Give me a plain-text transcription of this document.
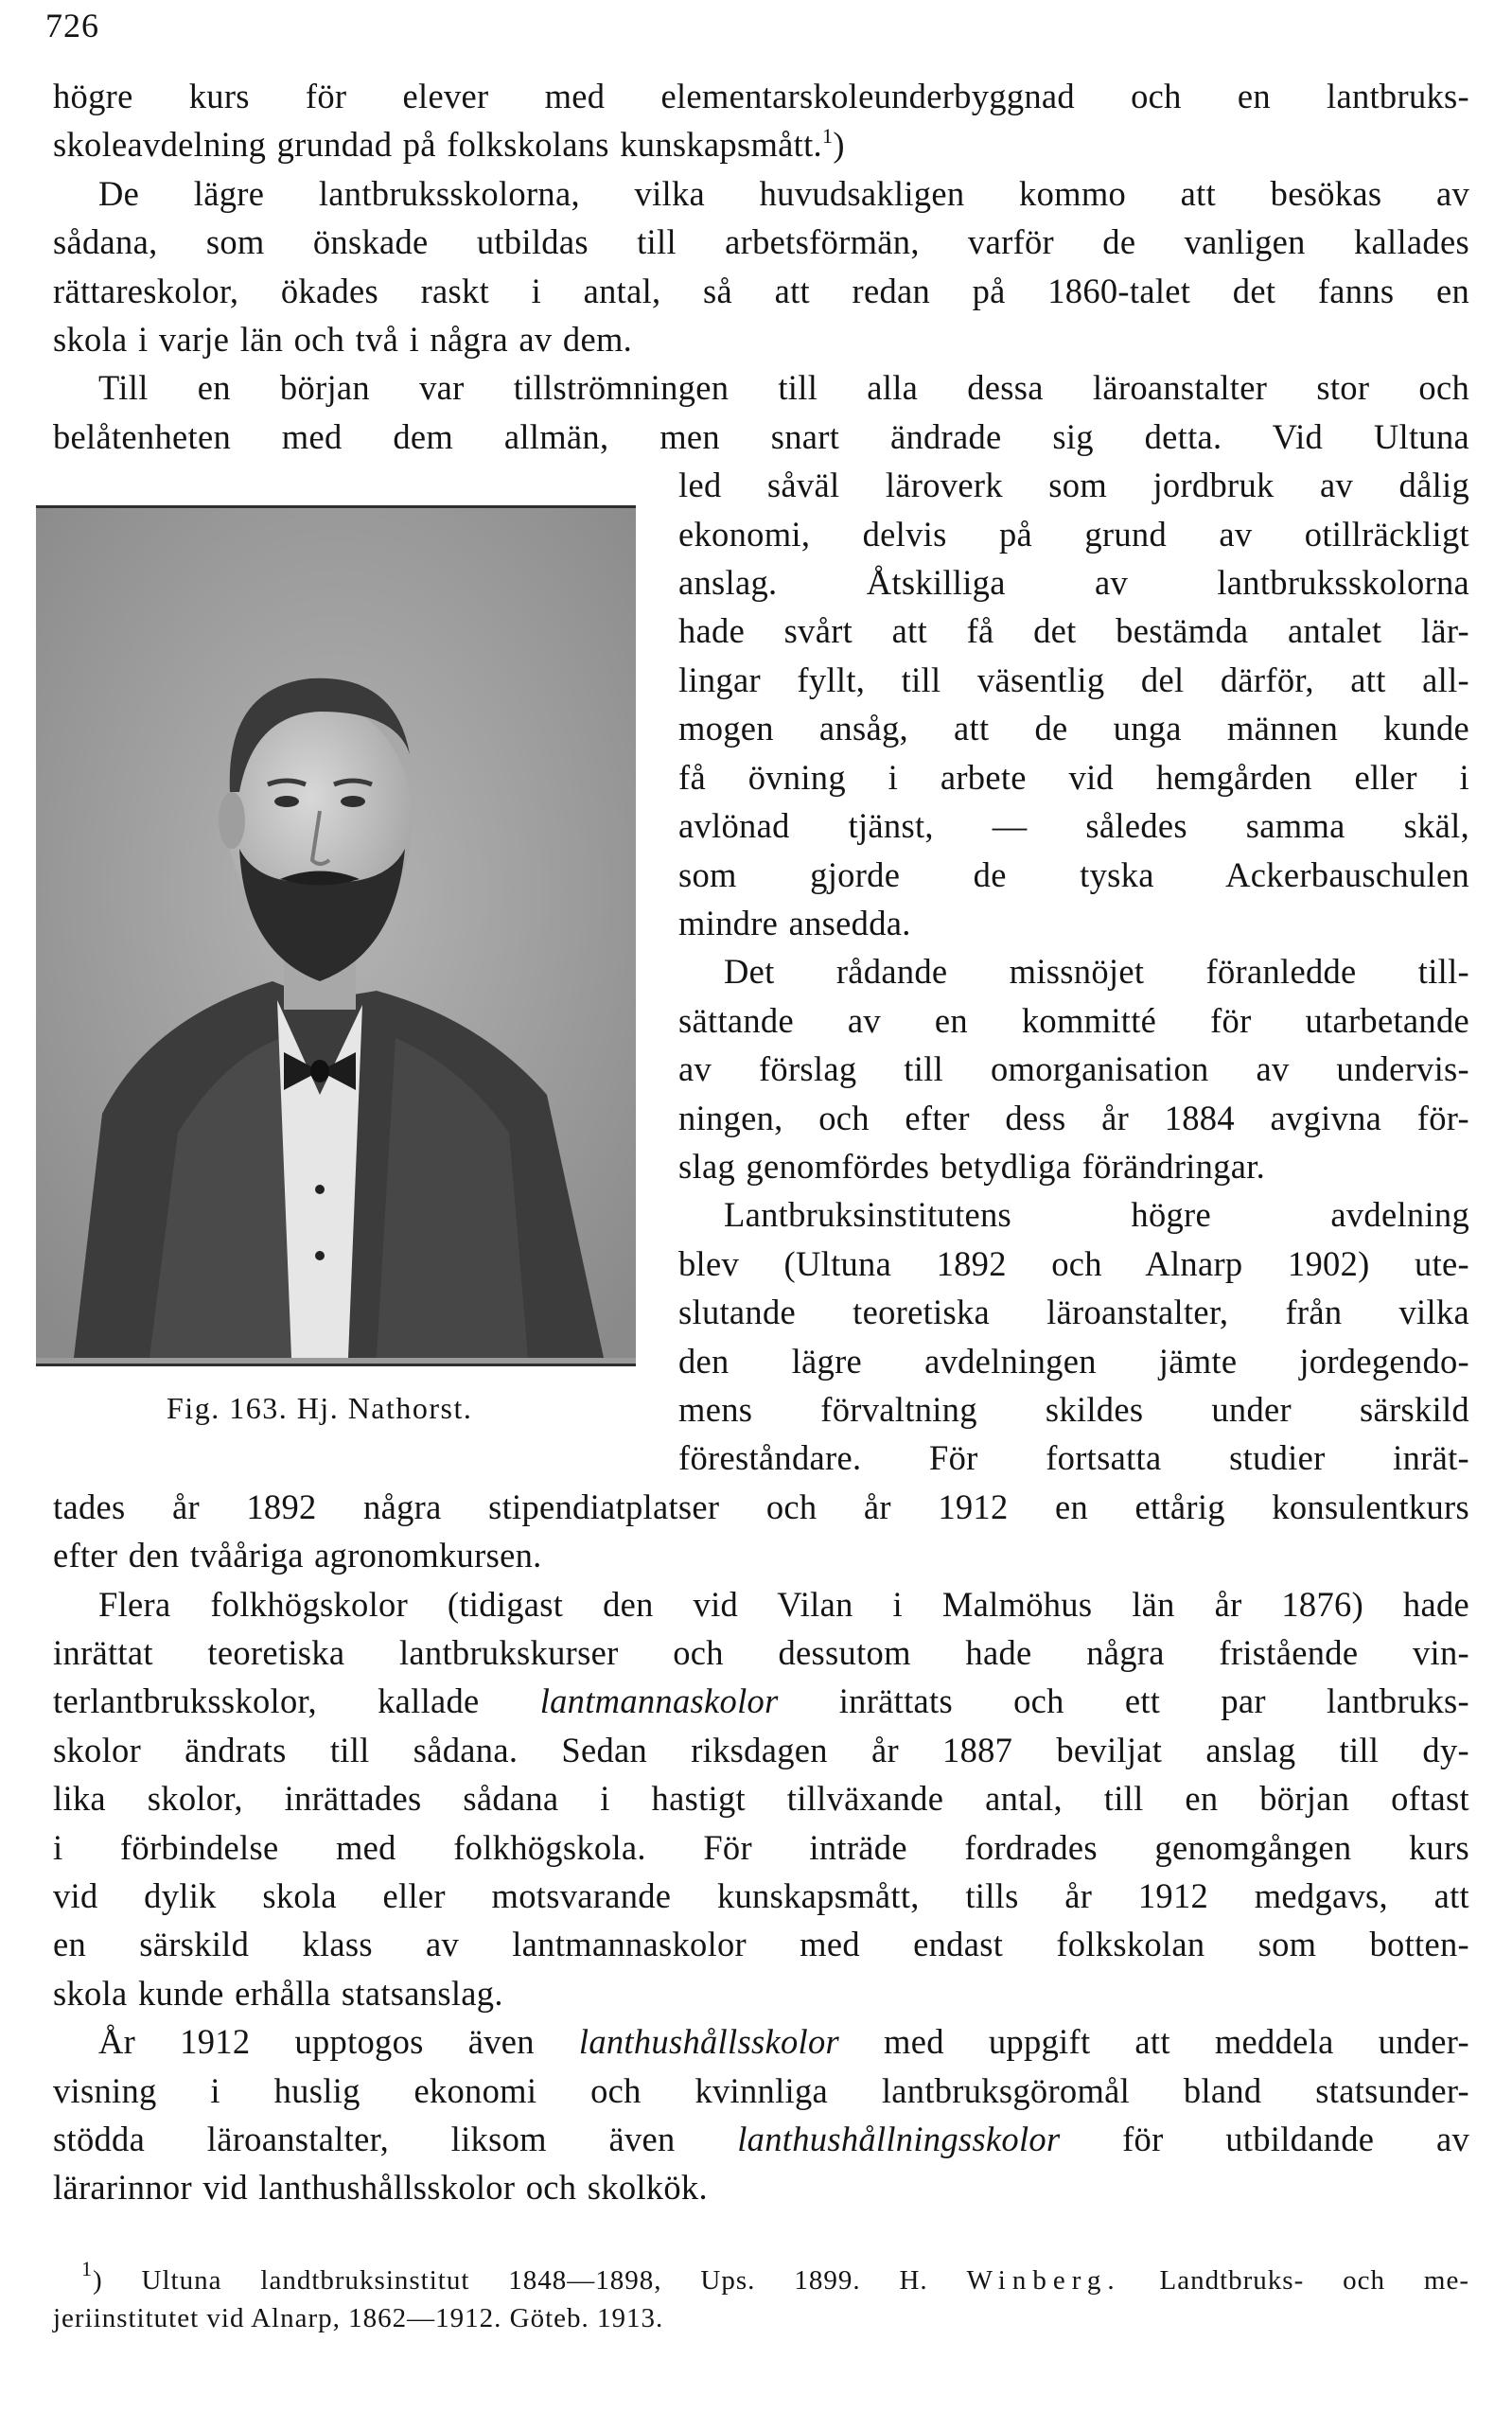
726
högre kurs för elever med elementarskoleunderbyggnad och en lantbruks-
skoleavdelning grundad på folkskolans kunskapsmått.$^1$)
De lägre lantbruksskolorna, vilka huvudsakligen kommo att besökas av
sådana, som önskade utbildas till arbetsförmän, varför de vanligen kallades
rättareskolor, ökades raskt i antal, så att redan på 1860-talet det fanns en
skola i varje län och två i några av dem.
Till en början var tillströmningen till alla dessa läroanstalter stor och
belåtenheten med dem allmän, men snart ändrade sig detta. Vid Ultuna
led såväl läroverk som jordbruk av dålig
ekonomi, delvis på grund av otillräckligt
anslag. Åtskilliga av lantbruksskolorna
hade svårt att få det bestämda antalet lär-
lingar fyllt, till väsentlig del därför, att all-
mogen ansåg, att de unga männen kunde
få övning i arbete vid hemgården eller i
avlönad tjänst, — således samma skäl,
som gjorde de tyska Ackerbauschulen
mindre ansedda.
Det rådande missnöjet föranledde till-
sättande av en kommitté för utarbetande
av förslag till omorganisation av undervis-
ningen, och efter dess år 1884 avgivna för-
slag genomfördes betydliga förändringar.
Lantbruksinstitutens högre avdelning
blev (Ultuna 1892 och Alnarp 1902) ute-
slutande teoretiska läroanstalter, från vilka
den lägre avdelningen jämte jordegendo-
mens förvaltning skildes under särskild
föreståndare. För fortsatta studier inrät-
tades år 1892 några stipendiatplatser och år 1912 en ettårig konsulentkurs
efter den tvååriga agronomkursen.
Flera folkhögskolor (tidigast den vid Vilan i Malmöhus län år 1876) hade
inrättat teoretiska lantbrukskurser och dessutom hade några fristående vin-
terlantbruksskolor, kallade lantmannaskolor inrättats och ett par lantbruks-
skolor ändrats till sådana. Sedan riksdagen år 1887 beviljat anslag till dy-
lika skolor, inrättades sådana i hastigt tillväxande antal, till en början oftast
i förbindelse med folkhögskola. För inträde fordrades genomgången kurs
vid dylik skola eller motsvarande kunskapsmått, tills år 1912 medgavs, att
en särskild klass av lantmannaskolor med endast folkskolan som botten-
skola kunde erhålla statsanslag.
År 1912 upptogos även lanthushållsskolor med uppgift att meddela under-
visning i huslig ekonomi och kvinnliga lantbruksgöromål bland statsunder-
stödda läroanstalter, liksom även lanthushållningsskolor för utbildande av
lärarinnor vid lanthushållsskolor och skolkök.
Fig. 163. Hj. Nathorst.
$^1$) Ultuna landtbruksinstitut 1848—1898, Ups. 1899. H. Winberg. Landtbruks- och me-
jeriinstitutet vid Alnarp, 1862—1912. Göteb. 1913.
